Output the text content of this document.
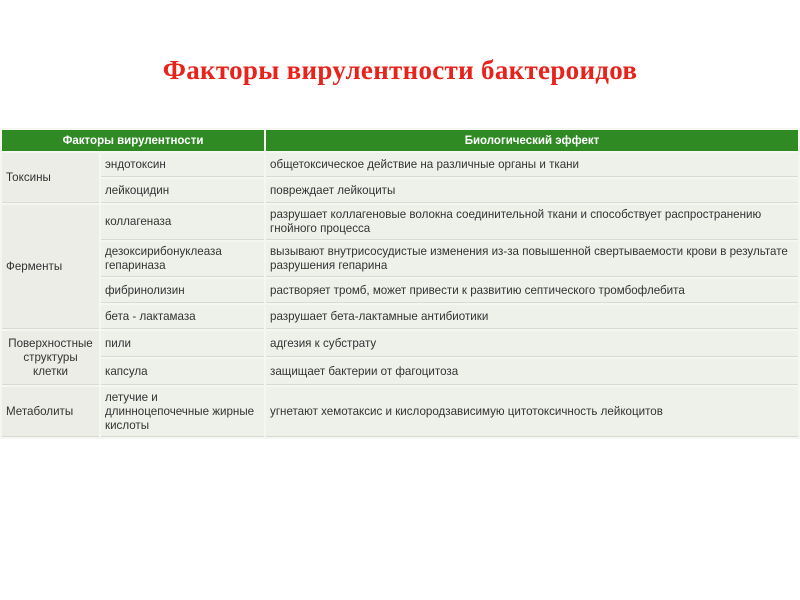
Факторы вирулентности бактероидов
Факторы вирулентности		Биологический эффект
Токсины	эндотоксин	общетоксическое действие на различные органы и ткани
	лейкоцидин	повреждает лейкоциты
Ферменты	коллагеназа	разрушает коллагеновые волокна соединительной ткани и способствует распространению гнойного процесса
	дезоксирибонуклеаза гепариназа	вызывают внутрисосудистые изменения из-за повышенной свертываемости крови в результате разрушения гепарина
	фибринолизин	растворяет тромб, может привести к развитию септического тромбофлебита
	бета - лактамаза	разрушает бета-лактамные антибиотики
Поверхностные структуры клетки	пили	адгезия к субстрату
	капсула	защищает бактерии от фагоцитоза
Метаболиты	летучие и длинноцепочечные жирные кислоты	угнетают хемотаксис и кислородзависимую цитотоксичность лейкоцитов
